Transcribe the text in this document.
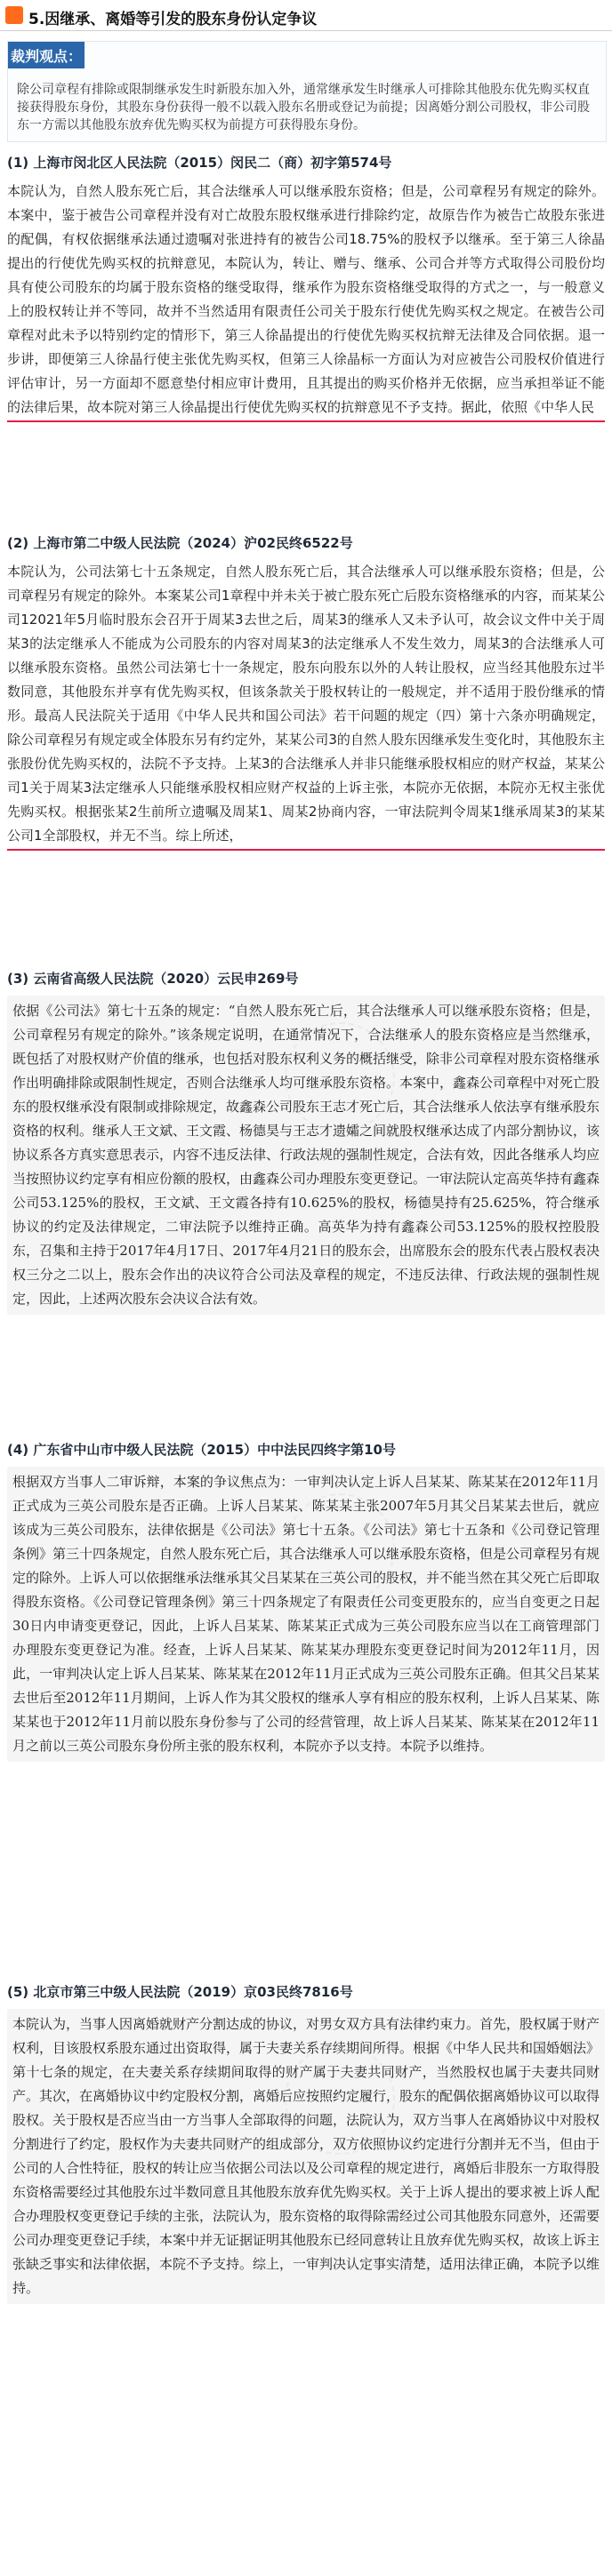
5.因继承、离婚等引发的股东身份认定争议
裁判观点：
除公司章程有排除或限制继承发生时新股东加入外，通常继承发生时继承人可排除其他股东优先购买权直接获得股东身份，其股东身份获得一般不以载入股东名册或登记为前提；因离婚分割公司股权，非公司股东一方需以其他股东放弃优先购买权为前提方可获得股东身份。
(1) 上海市闵北区人民法院（2015）闵民二（商）初字第574号
本院认为，自然人股东死亡后，其合法继承人可以继承股东资格；但是，公司章程另有规定的除外。本案中，鉴于被告公司章程并没有对亡故股东股权继承进行排除约定，故原告作为被告亡故股东张进的配偶，有权依据继承法通过遗嘱对张进持有的被告公司18.75%的股权予以继承。至于第三人徐晶提出的行使优先购买权的抗辩意见，本院认为，转让、赠与、继承、公司合并等方式取得公司股份均具有使公司股东的均属于股东资格的继受取得，继承作为股东资格继受取得的方式之一，与一般意义上的股权转让并不等同，故并不当然适用有限责任公司关于股东行使优先购买权之规定。在被告公司章程对此未予以特别约定的情形下，第三人徐晶提出的行使优先购买权抗辩无法律及合同依据。退一步讲，即便第三人徐晶行使主张优先购买权，但第三人徐晶标一方面认为对应被告公司股权价值进行评估审计，另一方面却不愿意垫付相应审计费用，且其提出的购买价格并无依据，应当承担举证不能的法律后果，故本院对第三人徐晶提出行使优先购买权的抗辩意见不予支持。据此，依照《中华人民
(2) 上海市第二中级人民法院（2024）沪02民终6522号
本院认为，公司法第七十五条规定，自然人股东死亡后，其合法继承人可以继承股东资格；但是，公司章程另有规定的除外。本案某公司1章程中并未关于被亡股东死亡后股东资格继承的内容，而某某公司12021年5月临时股东会召开于周某3去世之后，周某3的继承人又未予认可，故会议文件中关于周某3的法定继承人不能成为公司股东的内容对周某3的法定继承人不发生效力，周某3的合法继承人可以继承股东资格。虽然公司法第七十一条规定，股东向股东以外的人转让股权，应当经其他股东过半数同意，其他股东并享有优先购买权，但该条款关于股权转让的一般规定，并不适用于股份继承的情形。最高人民法院关于适用《中华人民共和国公司法》若干问题的规定（四）第十六条亦明确规定，除公司章程另有规定或全体股东另有约定外，某某公司3的自然人股东因继承发生变化时，其他股东主张股份优先购买权的，法院不予支持。上某3的合法继承人并非只能继承股权相应的财产权益，某某公司1关于周某3法定继承人只能继承股权相应财产权益的上诉主张，本院亦无依据，本院亦无权主张优先购买权。根据张某2生前所立遗嘱及周某1、周某2协商内容，一审法院判令周某1继承周某3的某某公司1全部股权，并无不当。综上所述，
(3) 云南省高级人民法院（2020）云民申269号
依据《公司法》第七十五条的规定：“自然人股东死亡后，其合法继承人可以继承股东资格；但是，公司章程另有规定的除外。”该条规定说明，在通常情况下，合法继承人的股东资格应是当然继承，既包括了对股权财产价值的继承，也包括对股东权利义务的概括继受，除非公司章程对股东资格继承作出明确排除或限制性规定，否则合法继承人均可继承股东资格。本案中，鑫森公司章程中对死亡股东的股权继承没有限制或排除规定，故鑫森公司股东王志才死亡后，其合法继承人依法享有继承股东资格的权利。继承人王文斌、王文霞、杨德昊与王志才遗孀之间就股权继承达成了内部分割协议，该协议系各方真实意思表示，内容不违反法律、行政法规的强制性规定，合法有效，因此各继承人均应当按照协议约定享有相应份额的股权，由鑫森公司办理股东变更登记。一审法院认定高英华持有鑫森公司53.125%的股权，王文斌、王文霞各持有10.625%的股权，杨德昊持有25.625%，符合继承协议的约定及法律规定，二审法院予以维持正确。高英华为持有鑫森公司53.125%的股权控股股东，召集和主持于2017年4月17日、2017年4月21日的股东会，出席股东会的股东代表占股权表决权三分之二以上，股东会作出的决议符合公司法及章程的规定，不违反法律、行政法规的强制性规定，因此，上述两次股东会决议合法有效。
(4) 广东省中山市中级人民法院（2015）中中法民四终字第10号
根据双方当事人二审诉辩，本案的争议焦点为：一审判决认定上诉人吕某某、陈某某在2012年11月正式成为三英公司股东是否正确。上诉人吕某某、陈某某主张2007年5月其父吕某某去世后，就应该成为三英公司股东，法律依据是《公司法》第七十五条。《公司法》第七十五条和《公司登记管理条例》第三十四条规定，自然人股东死亡后，其合法继承人可以继承股东资格，但是公司章程另有规定的除外。上诉人可以依据继承法继承其父吕某某在三英公司的股权，并不能当然在其父死亡后即取得股东资格。《公司登记管理条例》第三十四条规定了有限责任公司变更股东的，应当自变更之日起30日内申请变更登记，因此，上诉人吕某某、陈某某正式成为三英公司股东应当以在工商管理部门办理股东变更登记为准。经查，上诉人吕某某、陈某某办理股东变更登记时间为2012年11月，因此，一审判决认定上诉人吕某某、陈某某在2012年11月正式成为三英公司股东正确。但其父吕某某去世后至2012年11月期间，上诉人作为其父股权的继承人享有相应的股东权利，上诉人吕某某、陈某某也于2012年11月前以股东身份参与了公司的经营管理，故上诉人吕某某、陈某某在2012年11月之前以三英公司股东身份所主张的股东权利，本院亦予以支持。本院予以维持。
(5) 北京市第三中级人民法院（2019）京03民终7816号
本院认为，当事人因离婚就财产分割达成的协议，对男女双方具有法律约束力。首先，股权属于财产权利，目该股权系股东通过出资取得，属于夫妻关系存续期间所得。根据《中华人民共和国婚姻法》第十七条的规定，在夫妻关系存续期间取得的财产属于夫妻共同财产，当然股权也属于夫妻共同财产。其次，在离婚协议中约定股权分割，离婚后应按照约定履行，股东的配偶依据离婚协议可以取得股权。关于股权是否应当由一方当事人全部取得的问题，法院认为，双方当事人在离婚协议中对股权分割进行了约定，股权作为夫妻共同财产的组成部分，双方依照协议约定进行分割并无不当，但由于公司的人合性特征，股权的转让应当依据公司法以及公司章程的规定进行，离婚后非股东一方取得股东资格需要经过其他股东过半数同意且其他股东放弃优先购买权。关于上诉人提出的要求被上诉人配合办理股权变更登记手续的主张，法院认为，股东资格的取得除需经过公司其他股东同意外，还需要公司办理变更登记手续，本案中并无证据证明其他股东已经同意转让且放弃优先购买权，故该上诉主张缺乏事实和法律依据，本院不予支持。综上，一审判决认定事实清楚，适用法律正确，本院予以维持。
